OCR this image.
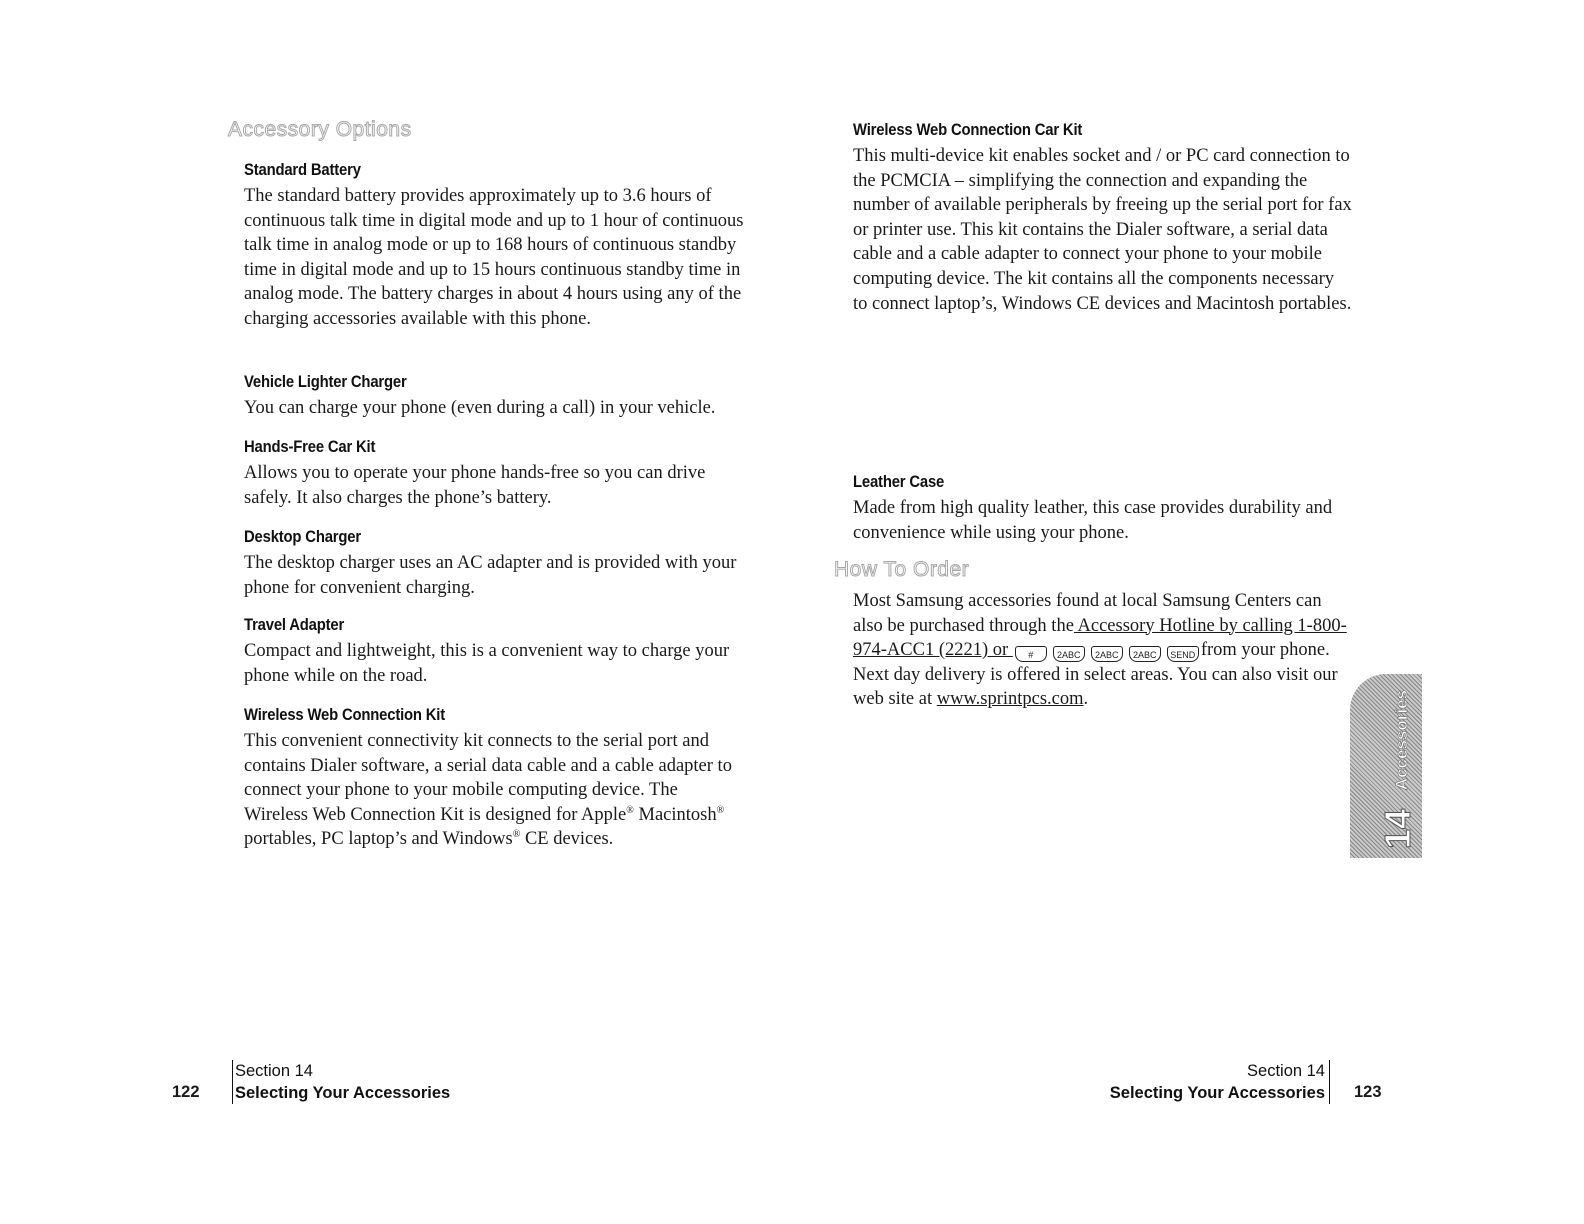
Accessory Options
Standard Battery
The standard battery provides approximately up to 3.6 hours of continuous talk time in digital mode and up to 1 hour of continuous talk time in analog mode or up to 168 hours of continuous standby time in digital mode and up to 15 hours continuous standby time in analog mode. The battery charges in about 4 hours using any of the charging accessories available with this phone.
Vehicle Lighter Charger
You can charge your phone (even during a call) in your vehicle.
Hands-Free Car Kit
Allows you to operate your phone hands-free so you can drive safely. It also charges the phone’s battery.
Desktop Charger
The desktop charger uses an AC adapter and is provided with your phone for convenient charging.
Travel Adapter
Compact and lightweight, this is a convenient way to charge your phone while on the road.
Wireless Web Connection Kit
This convenient connectivity kit connects to the serial port and contains Dialer software, a serial data cable and a cable adapter to connect your phone to your mobile computing device. The Wireless Web Connection Kit is designed for Apple® Macintosh® portables, PC laptop’s and Windows® CE devices.
Wireless Web Connection Car Kit
This multi-device kit enables socket and / or PC card connection to the PCMCIA – simplifying the connection and expanding the number of available peripherals by freeing up the serial port for fax or printer use. This kit contains the Dialer software, a serial data cable and a cable adapter to connect your phone to your mobile computing device. The kit contains all the components necessary to connect laptop’s, Windows CE devices and Macintosh portables.
Leather Case
Made from high quality leather, this case provides durability and convenience while using your phone.
How To Order
Most Samsung accessories found at local Samsung Centers can also be purchased through the Accessory Hotline by calling 1-800-974-ACC1 (2221) or	#	2ABC	2ABC	2ABC	SEND from your phone. Next day delivery is offered in select areas. You can also visit our web site at www.sprintpcs.com.	Accessories
14
122
Section 14
Selecting Your Accessories
Section 14
Selecting Your Accessories 123
